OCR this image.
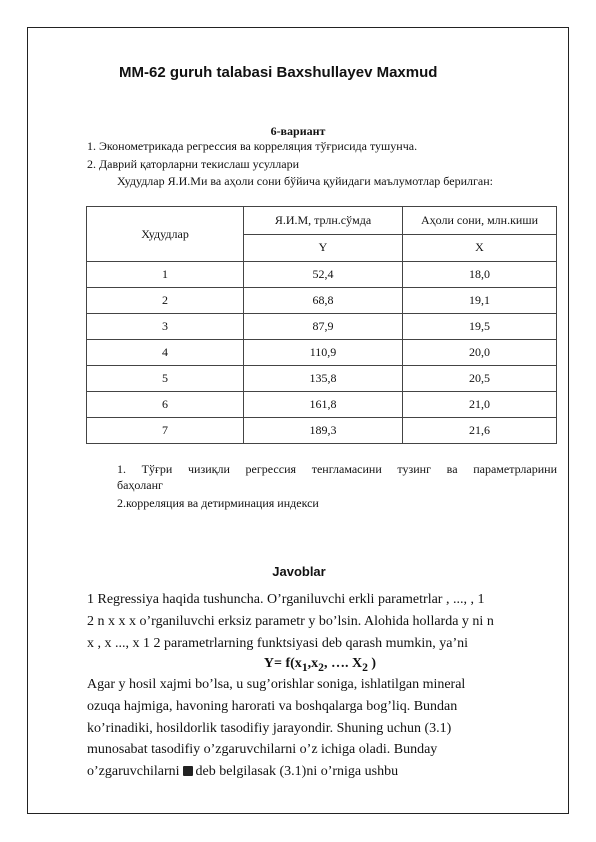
MM-62 guruh talabasi Baxshullayev Maxmud
6-вариант
1. Эконометрикада регрессия ва корреляция тўғрисида тушунча.
2. Даврий қаторларни текислаш усуллари
Худудлар Я.И.Ми ва аҳоли сони бўйича қуйидаги маълумотлар берилган:
Худудлар	Я.И.М, трлн.сўмда	Аҳоли сони, млн.киши
	Y	X
1	52,4	18,0
2	68,8	19,1
3	87,9	19,5
4	110,9	20,0
5	135,8	20,5
6	161,8	21,0
7	189,3	21,6
1. Тўғри чизиқли регрессия тенгламасини тузинг ва параметрларини
баҳоланг
2.корреляция ва детирминация индекси
Javoblar
1 Regressiya haqida tushuncha. O’rganiluvchi erkli parametrlar , ..., , 1
2 n x x x o’rganiluvchi erksiz parametr y bo’lsin. Alohida hollarda y ni n
x , x ..., x 1 2 parametrlarning funktsiyasi deb qarash mumkin, ya’ni
$Y= f(x_1,x_2$, …. $X_2$ )
Agar y hosil xajmi bo’lsa, u sug’orishlar soniga, ishlatilgan mineral
ozuqa hajmiga, havoning harorati va boshqalarga bog’liq. Bundan
ko’rinadiki, hosildorlik tasodifiy jarayondir. Shuning uchun (3.1)
munosabat tasodifiy o’zgaruvchilarni o’z ichiga oladi. Bunday
o’zgaruvchilarni deb belgilasak (3.1)ni o’rniga ushbu
